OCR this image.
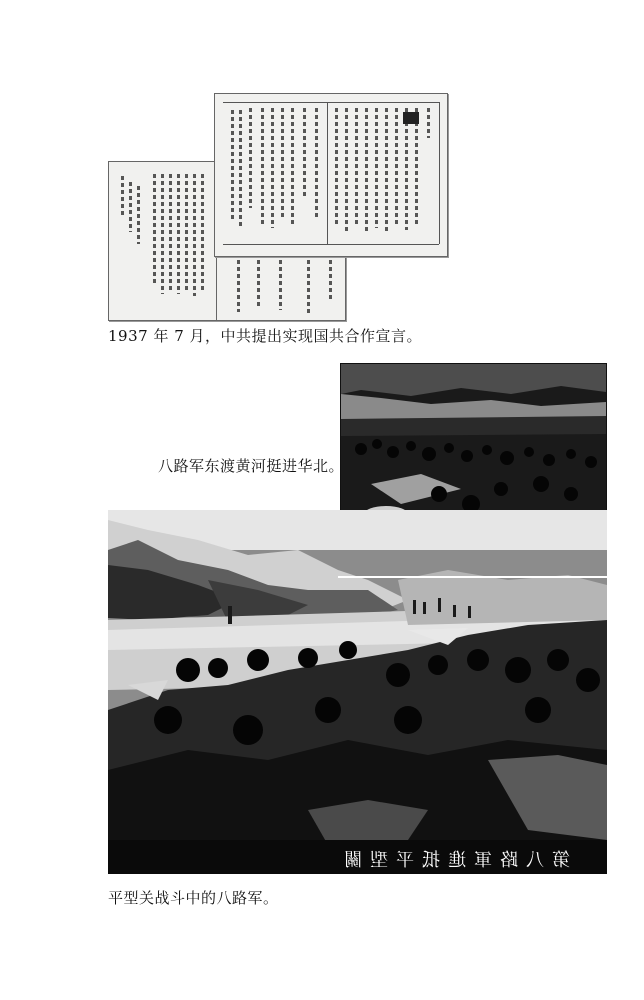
1937 年 7 月，中共提出实现国共合作宣言。
八路军东渡黄河挺进华北。
第八路軍進抵平型關
平型关战斗中的八路军。
